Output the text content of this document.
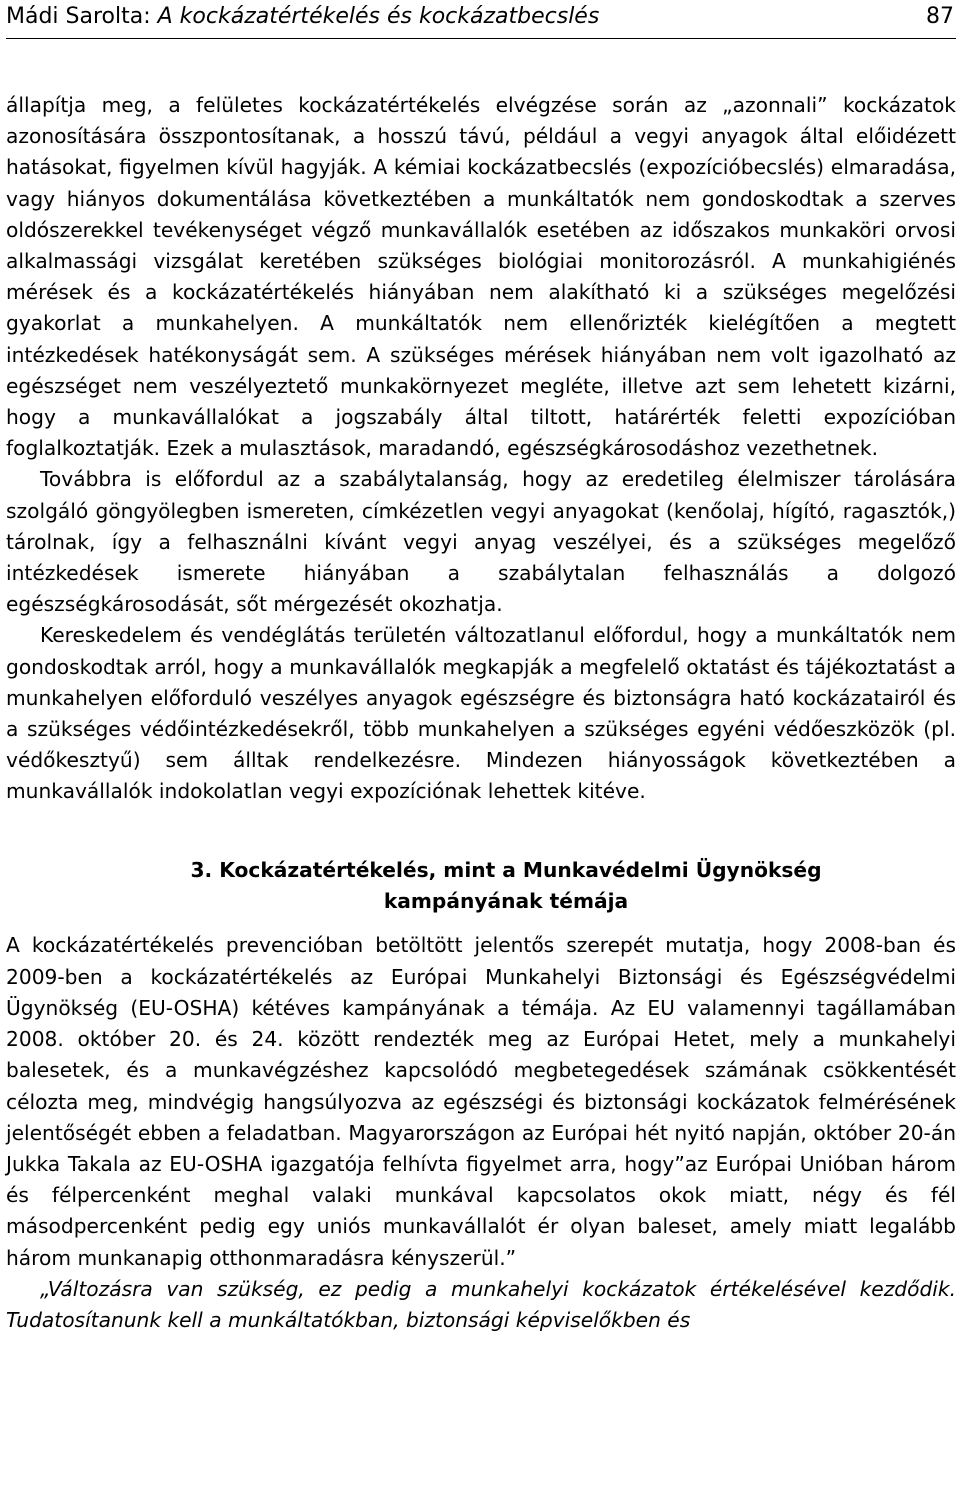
Mádi Sarolta: A kockázatértékelés és kockázatbecslés	87

állapítja meg, a felületes kockázatértékelés elvégzése során az „azonnali” kockázatok azonosítására összpontosítanak, a hosszú távú, például a vegyi anyagok által előidézett hatásokat, figyelmen kívül hagyják. A kémiai kockázatbecslés (expozícióbecslés) elmaradása, vagy hiányos dokumentálása következtében a munkáltatók nem gondoskodtak a szerves oldószerekkel tevékenységet végző munkavállalók esetében az időszakos munkaköri orvosi alkalmassági vizsgálat keretében szükséges biológiai monitorozásról. A munkahigiénés mérések és a kockázatértékelés hiányában nem alakítható ki a szükséges megelőzési gyakorlat a munkahelyen. A munkáltatók nem ellenőrizték kielégítően a megtett intézkedések hatékonyságát sem. A szükséges mérések hiányában nem volt igazolható az egészséget nem veszélyeztető munkakörnyezet megléte, illetve azt sem lehetett kizárni, hogy a munkavállalókat a jogszabály által tiltott, határérték feletti expozícióban foglalkoztatják. Ezek a mulasztások, maradandó, egészségkárosodáshoz vezethetnek.

Továbbra is előfordul az a szabálytalanság, hogy az eredetileg élelmiszer tárolására szolgáló göngyölegben ismereten, címkézetlen vegyi anyagokat (kenőolaj, hígító, ragasztók,) tárolnak, így a felhasználni kívánt vegyi anyag veszélyei, és a szükséges megelőző intézkedések ismerete hiányában a szabálytalan felhasználás a dolgozó egészségkárosodását, sőt mérgezését okozhatja.

Kereskedelem és vendéglátás területén változatlanul előfordul, hogy a munkáltatók nem gondoskodtak arról, hogy a munkavállalók megkapják a megfelelő oktatást és tájékoztatást a munkahelyen előforduló veszélyes anyagok egészségre és biztonságra ható kockázatairól és a szükséges védőintézkedésekről, több munkahelyen a szükséges egyéni védőeszközök (pl. védőkesztyű) sem álltak rendelkezésre. Mindezen hiányosságok következtében a munkavállalók indokolatlan vegyi expozíciónak lehettek kitéve.

3. Kockázatértékelés, mint a Munkavédelmi Ügynökség
kampányának témája

A kockázatértékelés prevencióban betöltött jelentős szerepét mutatja, hogy 2008-ban és 2009-ben a kockázatértékelés az Európai Munkahelyi Biztonsági és Egészségvédelmi Ügynökség (EU-OSHA) kétéves kampányának a témája. Az EU valamennyi tagállamában 2008. október 20. és 24. között rendezték meg az Európai Hetet, mely a munkahelyi balesetek, és a munkavégzéshez kapcsolódó megbetegedések számának csökkentését célozta meg, mindvégig hangsúlyozva az egészségi és biztonsági kockázatok felmérésének jelentőségét ebben a feladatban. Magyarországon az Európai hét nyitó napján, október 20-án Jukka Takala az EU-OSHA igazgatója felhívta figyelmet arra, hogy”az Európai Unióban három és félpercenként meghal valaki munkával kapcsolatos okok miatt, négy és fél másodpercenként pedig egy uniós munkavállalót ér olyan baleset, amely miatt legalább három munkanapig otthonmaradásra kényszerül.”

„Változásra van szükség, ez pedig a munkahelyi kockázatok értékelésével kezdődik. Tudatosítanunk kell a munkáltatókban, biztonsági képviselőkben és
